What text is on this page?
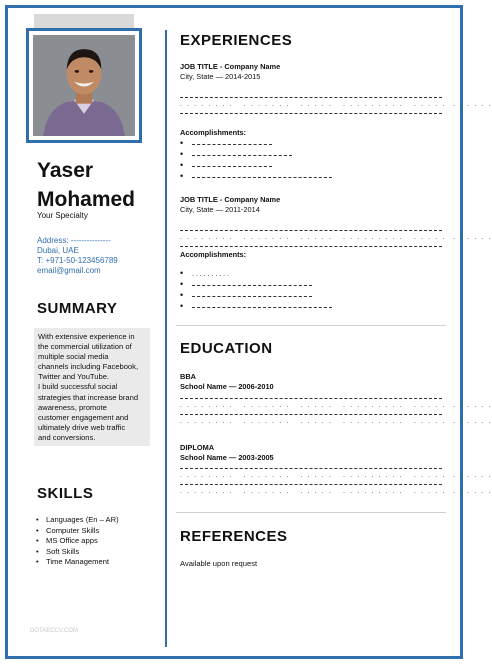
Yaser
Mohamed
Your Specialty
Address: ---------------
Dubai, UAE
T: +971-50-123456789
email@gmail.com
SUMMARY
With extensive experience in
the commercial utilization of
multiple social media
channels including Facebook,
Twitter and YouTube.
I build successful social
strategies that increase brand
awareness, promote
customer engagement and
ultimately drive web traffic
and conversions.
SKILLS
• Languages (En – AR)
• Computer Skills
• MS Office apps
• Soft Skills
• Time Management
EXPERIENCES
JOB TITLE - Company Name
City, State — 2014-2015
. . . . . . . .   . . . . . . .   . . . . .   . . . . . . . . .   . . . . .  . . . . . .
Accomplishments:
•
•
•
•
JOB TITLE - Company Name
City, State — 2011-2014
. . . . . . . .   . . . . . . .   . . . . .   . . . . . . . . .   . . . . .  . . . . . .
Accomplishments:
• . . . . . . . . . .
•
•
•
EDUCATION
BBA
School Name — 2006-2010
. . . . . . . .   . . . . . . .   . . . . .   . . . . . . . . .   . . . . .  . . . . . .
. . . . . . . .   . . . . . . .   . . . . .   . . . . . . . . .   . . . . .  . . . . . .
DIPLOMA
School Name — 2003-2005
. . . . . . . .   . . . . . . .   . . . . .   . . . . . . . . .   . . . . .  . . . . . .
. . . . . . . .   . . . . . . .   . . . . .   . . . . . . . . .   . . . . .  . . . . . .
REFERENCES
Available upon request
DOTAECCV.COM
